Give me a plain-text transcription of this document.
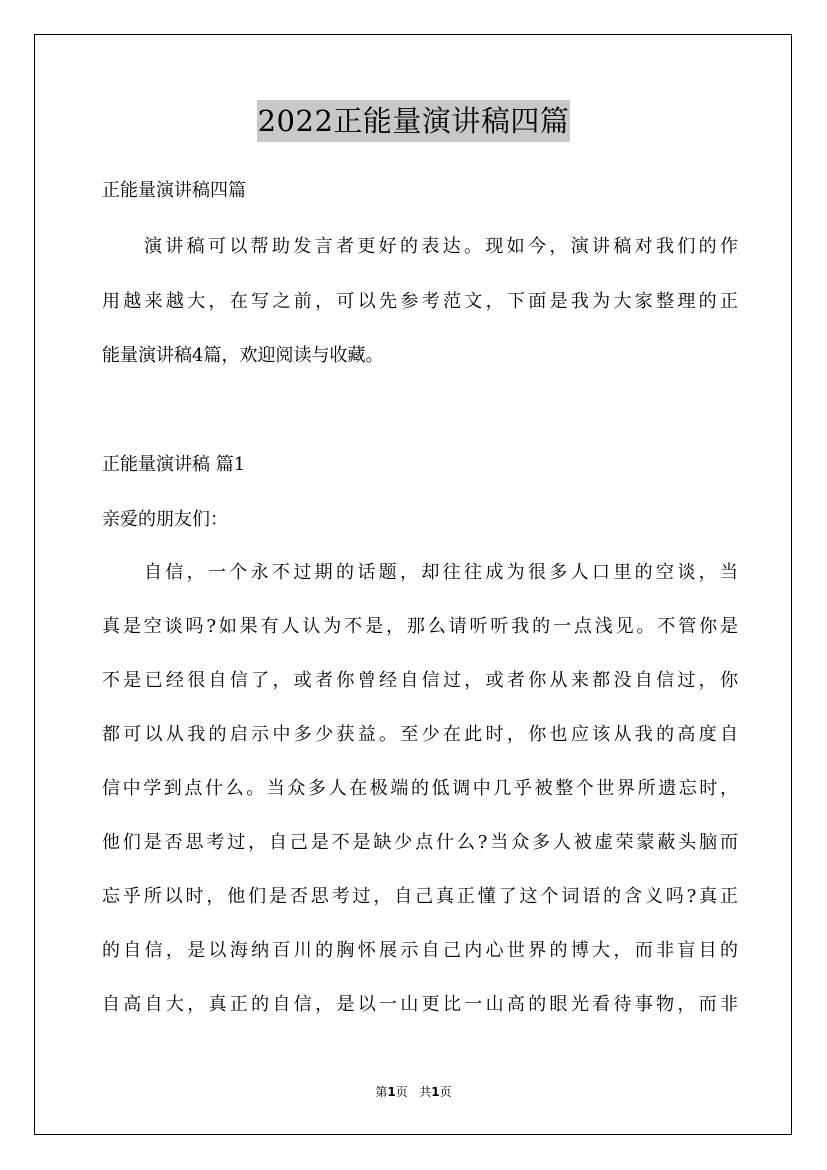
2022正能量演讲稿四篇
正能量演讲稿四篇
演讲稿可以帮助发言者更好的表达。现如今，演讲稿对我们的作
用越来越大，在写之前，可以先参考范文，下面是我为大家整理的正
能量演讲稿4篇，欢迎阅读与收藏。
正能量演讲稿 篇1
亲爱的朋友们：
自信，一个永不过期的话题，却往往成为很多人口里的空谈，当
真是空谈吗?如果有人认为不是，那么请听听我的一点浅见。不管你是
不是已经很自信了，或者你曾经自信过，或者你从来都没自信过，你
都可以从我的启示中多少获益。至少在此时，你也应该从我的高度自
信中学到点什么。当众多人在极端的低调中几乎被整个世界所遗忘时，
他们是否思考过，自己是不是缺少点什么?当众多人被虚荣蒙蔽头脑而
忘乎所以时，他们是否思考过，自己真正懂了这个词语的含义吗?真正
的自信，是以海纳百川的胸怀展示自己内心世界的博大，而非盲目的
自高自大，真正的自信，是以一山更比一山高的眼光看待事物，而非
第1页 共1页
